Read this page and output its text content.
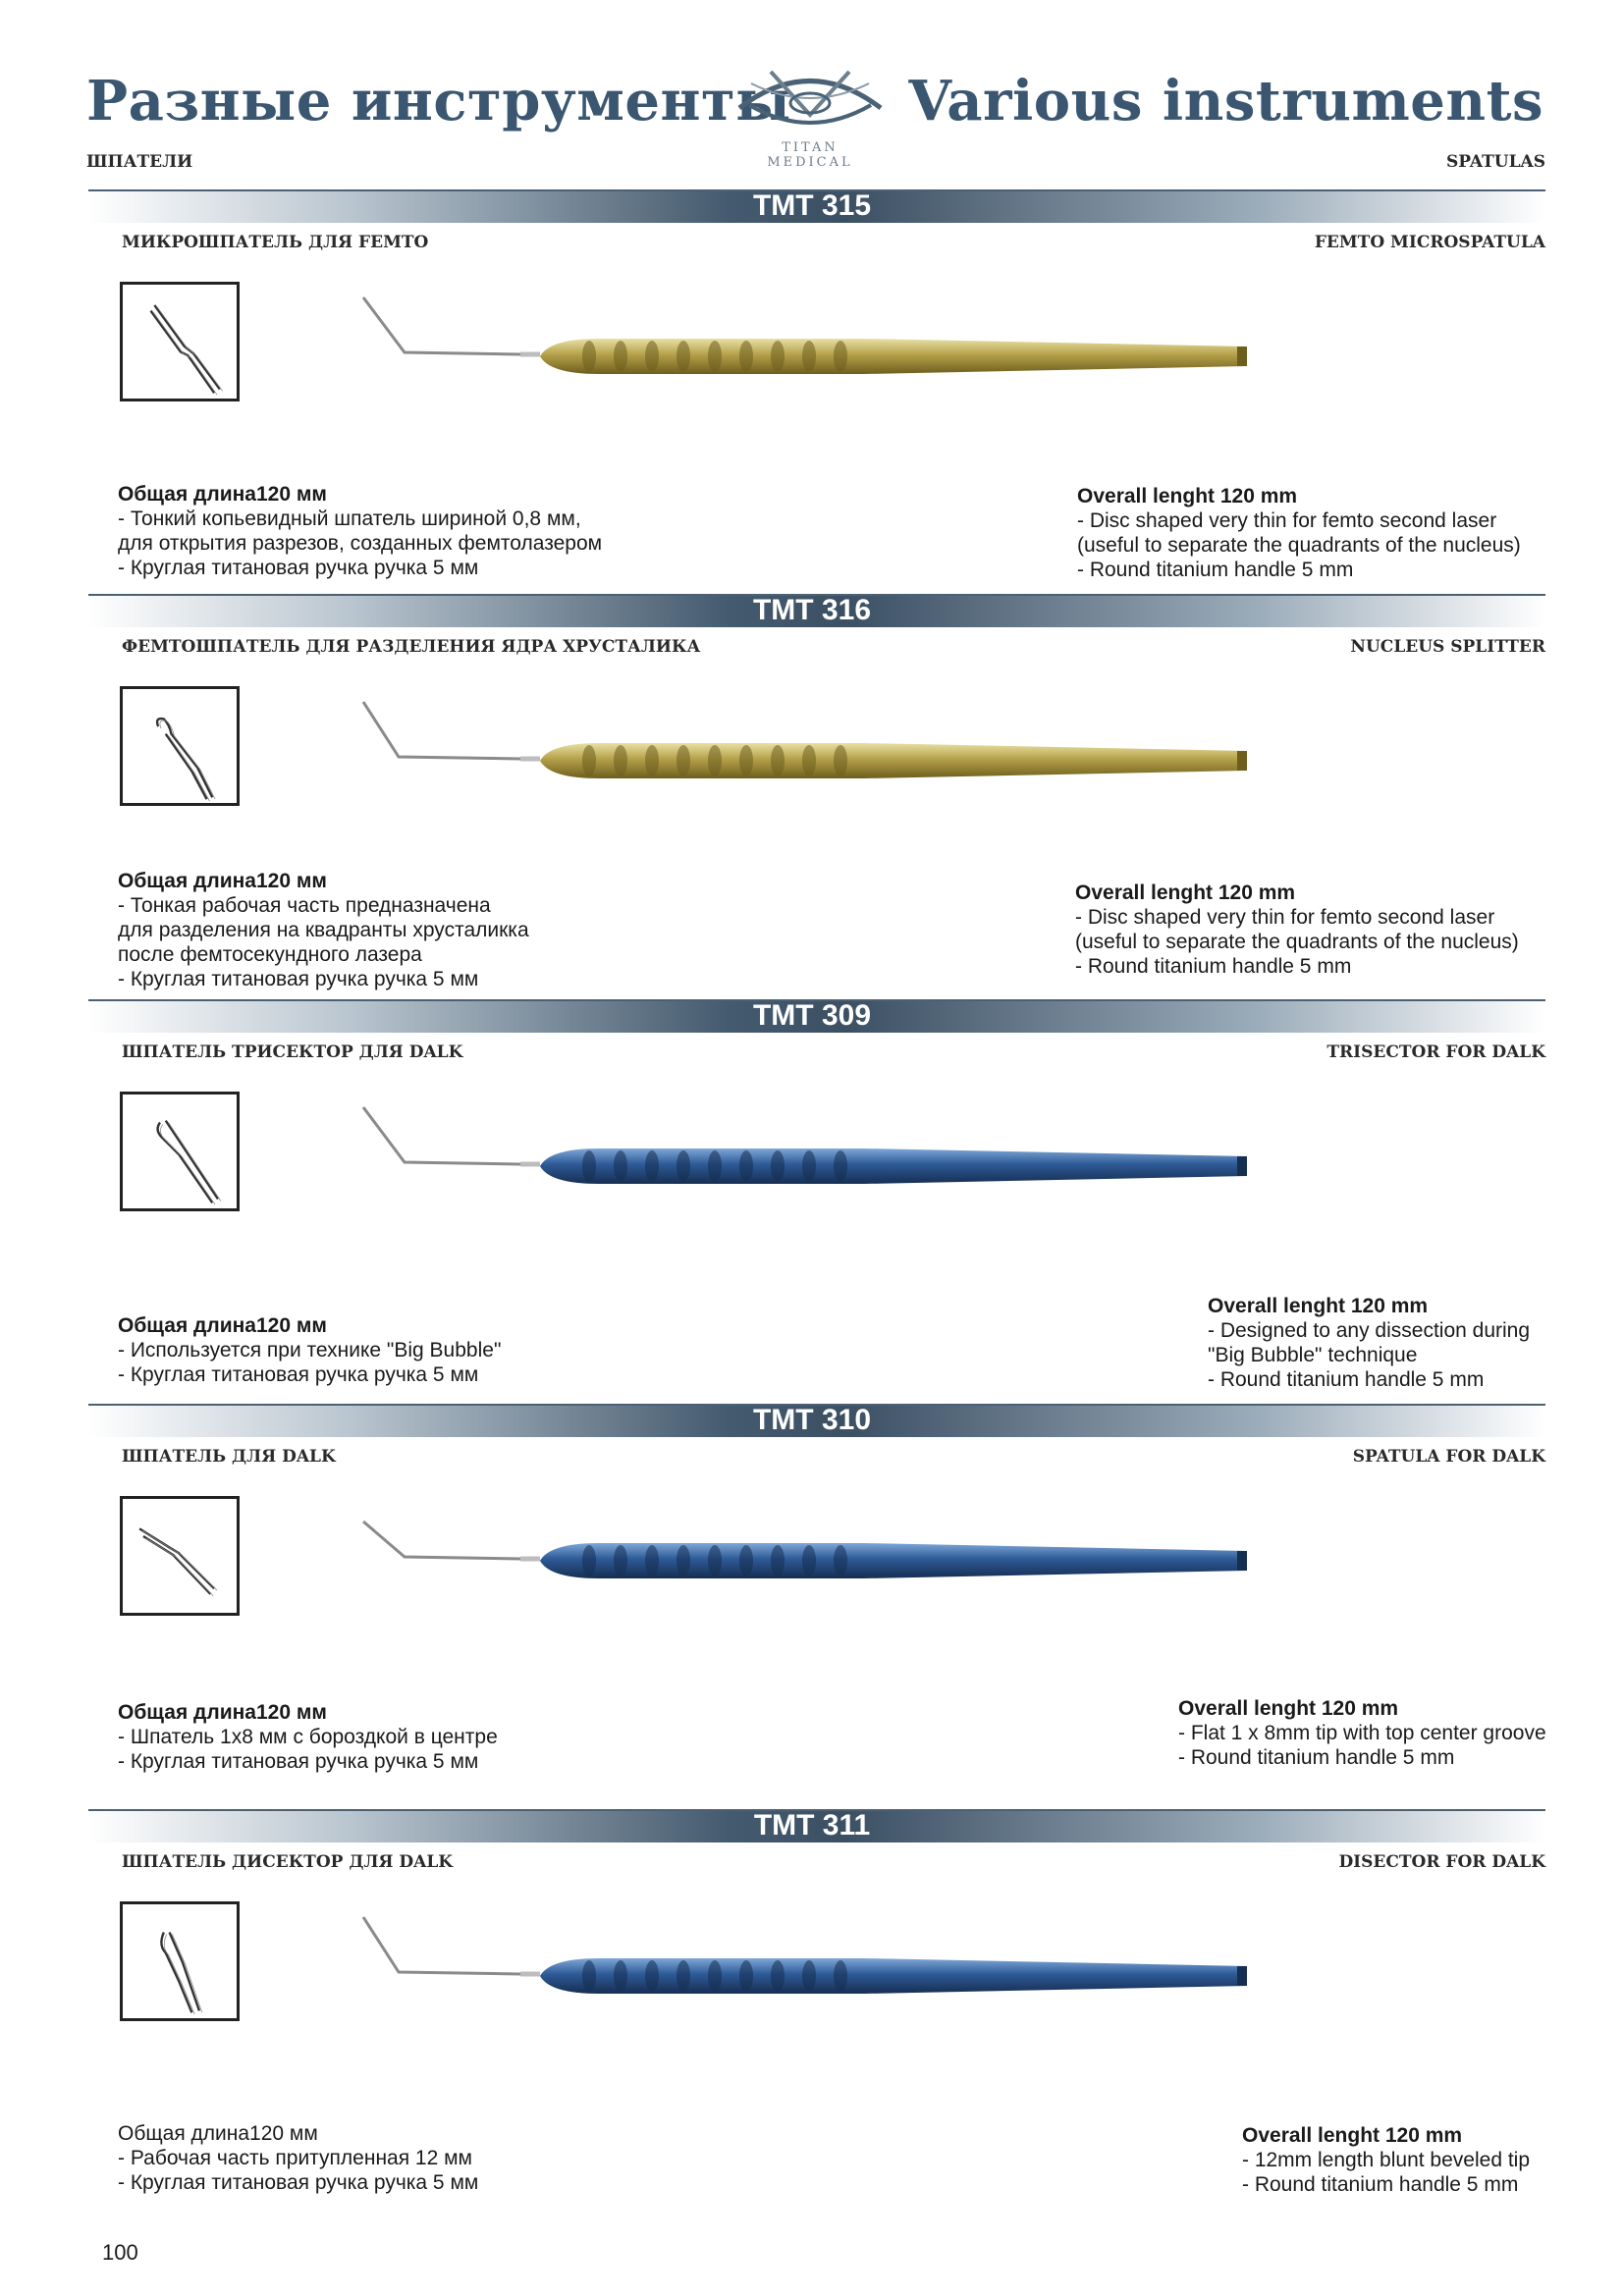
Разные инструменты Various instruments
TITAN
MEDICAL
ШПАТЕЛИ	SPATULAS
TMT 315
МИКРОШПАТЕЛЬ ДЛЯ FEMTO	FEMTO MICROSPATULA
Общая длина120 мм
- Тонкий копьевидный шпатель шириной 0,8 мм,
для открытия разрезов, созданных фемтолазером
- Круглая титановая ручка ручка 5 мм
Overall lenght 120 mm
- Disc shaped very thin for femto second laser
(useful to separate the quadrants of the nucleus)
- Round titanium handle 5 mm
TMT 316
ФЕМТОШПАТЕЛЬ ДЛЯ РАЗДЕЛЕНИЯ ЯДРА ХРУСТАЛИКА	NUCLEUS SPLITTER
Общая длина120 мм
- Тонкая рабочая часть предназначена
для разделения на квадранты хрусталикка
после фемтосекундного лазера
- Круглая титановая ручка ручка 5 мм
Overall lenght 120 mm
- Disc shaped very thin for femto second laser
(useful to separate the quadrants of the nucleus)
- Round titanium handle 5 mm
TMT 309
ШПАТЕЛЬ ТРИСЕКТОР ДЛЯ DALK	TRISECTOR FOR DALK
Общая длина120 мм
- Используется при технике "Big Bubble"
- Круглая титановая ручка ручка 5 мм
Overall lenght 120 mm
- Designed to any dissection during
"Big Bubble" technique
- Round titanium handle 5 mm
TMT 310
ШПАТЕЛЬ ДЛЯ DALK	SPATULA FOR DALK
Общая длина120 мм
- Шпатель 1х8 мм с бороздкой в центре
- Круглая титановая ручка ручка 5 мм
Overall lenght 120 mm
- Flat 1 x 8mm tip with top center groove
- Round titanium handle 5 mm
TMT 311
ШПАТЕЛЬ ДИСЕКТОР ДЛЯ DALK	DISECTOR FOR DALK
Общая длина120 мм
- Рабочая часть притупленная 12 мм
- Круглая титановая ручка ручка 5 мм
Overall lenght 120 mm
- 12mm length blunt beveled tip
- Round titanium handle 5 mm
100
